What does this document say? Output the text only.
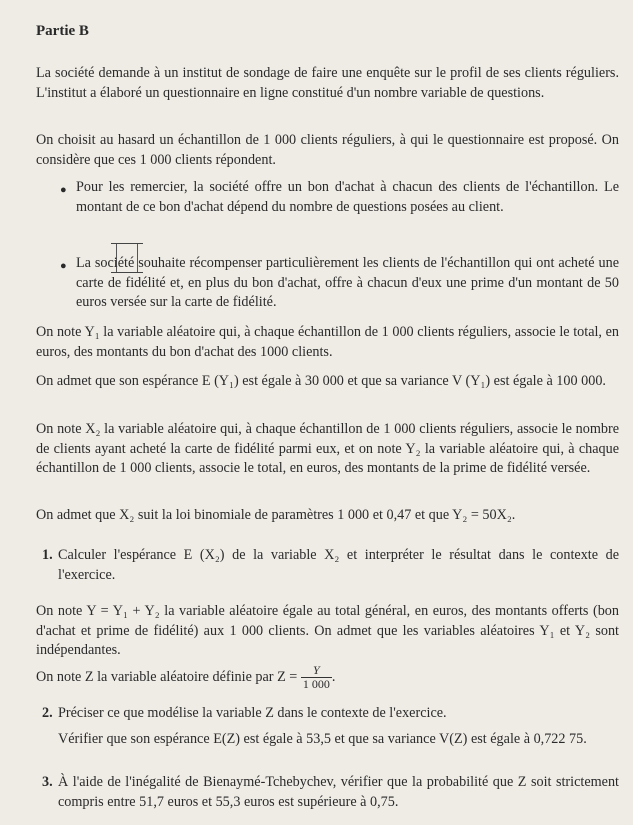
Partie B

La société demande à un institut de sondage de faire une enquête sur le profil de ses clients réguliers. L'institut a élaboré un questionnaire en ligne constitué d'un nombre variable de questions.

On choisit au hasard un échantillon de 1 000 clients réguliers, à qui le questionnaire est proposé. On considère que ces 1 000 clients répondent.

● Pour les remercier, la société offre un bon d'achat à chacun des clients de l'échantillon. Le montant de ce bon d'achat dépend du nombre de questions posées au client.

● La société souhaite récompenser particulièrement les clients de l'échantillon qui ont acheté une carte de fidélité et, en plus du bon d'achat, offre à chacun d'eux une prime d'un montant de 50 euros versée sur la carte de fidélité.

On note Y₁ la variable aléatoire qui, à chaque échantillon de 1 000 clients réguliers, associe le total, en euros, des montants du bon d'achat des 1000 clients.

On admet que son espérance E (Y₁) est égale à 30 000 et que sa variance V (Y₁) est égale à 100 000.

On note X₂ la variable aléatoire qui, à chaque échantillon de 1 000 clients réguliers, associe le nombre de clients ayant acheté la carte de fidélité parmi eux, et on note Y₂ la variable aléatoire qui, à chaque échantillon de 1 000 clients, associe le total, en euros, des montants de la prime de fidélité versée.

On admet que X₂ suit la loi binomiale de paramètres 1 000 et 0,47 et que Y₂ = 50X₂.

1. Calculer l'espérance E (X₂) de la variable X₂ et interpréter le résultat dans le contexte de l'exercice.

On note Y = Y₁ + Y₂ la variable aléatoire égale au total général, en euros, des montants offerts (bon d'achat et prime de fidélité) aux 1 000 clients. On admet que les variables aléatoires Y₁ et Y₂ sont indépendantes.

On note Z la variable aléatoire définie par $Z = \frac{Y}{1 000}$ .

2. Préciser ce que modélise la variable Z dans le contexte de l'exercice.

Vérifier que son espérance E(Z) est égale à 53,5 et que sa variance V(Z) est égale à 0,722 75.

3. À l'aide de l'inégalité de Bienaymé-Tchebychev, vérifier que la probabilité que Z soit strictement compris entre 51,7 euros et 55,3 euros est supérieure à 0,75.
